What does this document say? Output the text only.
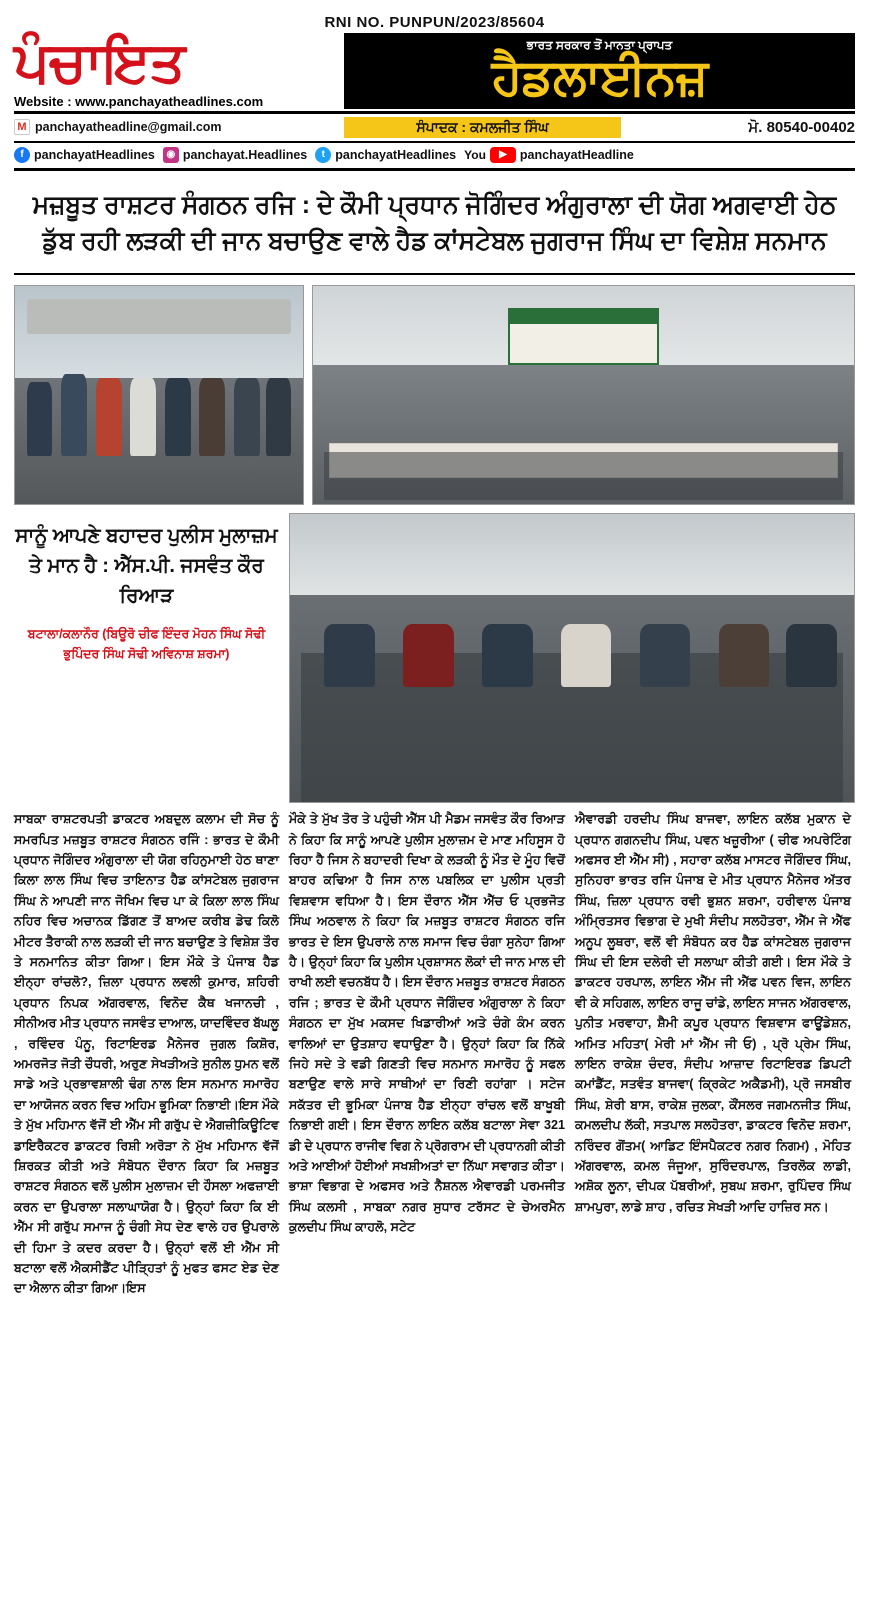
RNI NO. PUNPUN/2023/85604
ਪੰਚਾਇਤ
Website : www.panchayatheadlines.com
ਭਾਰਤ ਸਰਕਾਰ ਤੋਂ ਮਾਨਤਾ ਪ੍ਰਾਪਤ
ਹੈਡਲਾਈਨਜ਼
M panchayatheadline@gmail.com	ਸੰਪਾਦਕ : ਕਮਲਜੀਤ ਸਿੰਘ	ਮੋ. 80540-00402
f panchayatHeadlines	◉ panchayat.Headlines	t panchayatHeadlines You	▶	panchayatHeadline
ਮਜ਼ਬੂਤ ਰਾਸ਼ਟਰ ਸੰਗਠਨ ਰਜਿ : ਦੇ ਕੌਮੀ ਪ੍ਰਧਾਨ ਜੋਗਿੰਦਰ ਅੰਗੁਰਾਲਾ ਦੀ ਯੋਗ ਅਗਵਾਈ ਹੇਠ ਡੁੱਬ ਰਹੀ ਲੜਕੀ ਦੀ ਜਾਨ ਬਚਾਉਣ ਵਾਲੇ ਹੈਡ ਕਾਂਸਟੇਬਲ ਜੁਗਰਾਜ ਸਿੰਘ ਦਾ ਵਿਸ਼ੇਸ਼ ਸਨਮਾਨ
ਸਾਨੂੰ ਆਪਣੇ ਬਹਾਦਰ ਪੁਲੀਸ ਮੁਲਾਜ਼ਮ ਤੇ ਮਾਨ ਹੈ : ਐੱਸ.ਪੀ. ਜਸਵੰਤ ਕੌਰ ਰਿਆੜ
ਬਟਾਲਾ/ਕਲਾਨੌਰ (ਬਿਊਰੋ ਚੀਫ ਇੰਦਰ ਮੋਹਨ ਸਿੰਘ ਸੋਢੀ ਭੁਪਿੰਦਰ ਸਿੰਘ ਸੋਢੀ ਅਵਿਨਾਸ਼ ਸ਼ਰਮਾ)

ਸਾਬਕਾ ਰਾਸ਼ਟਰਪਤੀ ਡਾਕਟਰ ਅਬਦੁਲ ਕਲਾਮ ਦੀ ਸੋਚ ਨੂੰ ਸਮਰਪਿਤ ਮਜ਼ਬੂਤ ਰਾਸ਼ਟਰ ਸੰਗਠਨ ਰਜਿੰ : ਭਾਰਤ ਦੇ ਕੌਮੀ ਪ੍ਰਧਾਨ ਜੋਗਿੰਦਰ ਅੰਗੁਰਾਲਾ ਦੀ ਯੋਗ ਰਹਿਨੁਮਾਈ ਹੇਠ ਥਾਣਾ ਕਿਲਾ ਲਾਲ ਸਿੰਘ ਵਿਚ ਤਾਇਨਾਤ ਹੈਡ ਕਾਂਸਟੇਬਲ ਜੁਗਰਾਜ ਸਿੰਘ ਨੇ ਆਪਣੀ ਜਾਨ ਜੋਖਿਮ ਵਿਚ ਪਾ ਕੇ ਕਿਲਾ ਲਾਲ ਸਿੰਘ ਨਹਿਰ ਵਿਚ ਅਚਾਨਕ ਡਿੱਗਣ ਤੋਂ ਬਾਅਦ ਕਰੀਬ ਡੇਢ ਕਿਲੋ ਮੀਟਰ ਤੈਰਾਕੀ ਨਾਲ ਲੜਕੀ ਦੀ ਜਾਨ ਬਚਾਉਣ ਤੇ ਵਿਸ਼ੇਸ਼ ਤੌਰ ਤੇ ਸਨਮਾਨਿਤ ਕੀਤਾ ਗਿਆ। ਇਸ ਮੌਕੇ ਤੇ ਪੰਜਾਬ ਹੈਡ ਈਨ੍ਹਾ ਰਾਂਚਲੋ?, ਜ਼ਿਲਾ ਪ੍ਰਧਾਨ ਲਵਲੀ ਕੁਮਾਰ, ਸ਼ਹਿਰੀ ਪ੍ਰਧਾਨ ਨਿਪਕ ਅੱਗਰਵਾਲ, ਵਿਨੋਦ ਕੈਥ ਖਜਾਨਚੀ , ਸੀਨੀਅਰ ਮੀਤ ਪ੍ਰਧਾਨ ਜਸਵੰਤ ਦਾਆਲ, ਯਾਦਵਿੰਦਰ ਬੱਘਲੂ , ਰਵਿੰਦਰ ਪੰਨੂ, ਰਿਟਾਇਰਡ ਮੈਨੇਜਰ ਜੁਗਲ ਕਿਸ਼ੋਰ, ਅਮਰਜੋਤ ਜੋਤੀ ਚੌਧਰੀ, ਅਰੁਣ ਸੇਖੜੀਅਤੇ ਸੁਨੀਲ ਧੁਮਨ ਵਲੋਂ ਸਾਡੇ ਅਤੇ ਪ੍ਰਭਾਵਸ਼ਾਲੀ ਢੰਗ ਨਾਲ ਇਸ ਸਨਮਾਨ ਸਮਾਰੋਹ ਦਾ ਆਯੋਜਨ ਕਰਨ ਵਿਚ ਅਹਿਮ ਭੂਮਿਕਾ ਨਿਭਾਈ।ਇਸ ਮੌਕੇ ਤੇ ਮੁੱਖ ਮਹਿਮਾਨ ਵੱਜੋਂ ਈ ਐੱਮ ਸੀ ਗਰੁੱਪ ਦੇ ਐਗਜ਼ੀਕਿਊਟਿਵ ਡਾਇਰੈਕਟਰ ਡਾਕਟਰ ਰਿਸ਼ੀ ਅਰੋੜਾ ਨੇ ਮੁੱਖ ਮਹਿਮਾਨ ਵੱਜੋਂ ਸ਼ਿਰਕਤ ਕੀਤੀ ਅਤੇ ਸੰਬੋਧਨ ਦੌਰਾਨ ਕਿਹਾ ਕਿ ਮਜ਼ਬੂਤ ਰਾਸ਼ਟਰ ਸੰਗਠਨ ਵਲੋਂ ਪੁਲੀਸ ਮੁਲਾਜ਼ਮ ਦੀ ਹੌਸਲਾ ਅਫਜ਼ਾਈ ਕਰਨ ਦਾ ਉਪਰਾਲਾ ਸਲਾਘਾਯੋਗ ਹੈ। ਉਨ੍ਹਾਂ ਕਿਹਾ ਕਿ ਈ ਐੱਮ ਸੀ ਗਰੁੱਪ ਸਮਾਜ ਨੂੰ ਚੰਗੀ ਸੇਧ ਦੇਣ ਵਾਲੇ ਹਰ ਉਪਰਾਲੇ ਦੀ ਹਿਮਾ ਤੇ ਕਦਰ ਕਰਦਾ ਹੈ। ਉਨ੍ਹਾਂ ਵਲੋਂ ਈ ਐੱਮ ਸੀ ਬਟਾਲਾ ਵਲੋਂ ਐਕਸੀਡੈਂਟ ਪੀੜ੍ਹਿਤਾਂ ਨੂੰ ਮੁਫਤ ਫਸਟ ਏਡ ਦੇਣ ਦਾ ਐਲਾਨ ਕੀਤਾ ਗਿਆ।ਇਸ

ਮੌਕੇ ਤੇ ਮੁੱਖ ਤੋਰ ਤੇ ਪਹੁੰਚੀ ਐੱਸ ਪੀ ਮੈਡਮ ਜਸਵੰਤ ਕੌਰ ਰਿਆੜ ਨੇ ਕਿਹਾ ਕਿ ਸਾਨੂੰ ਆਪਣੇ ਪੁਲੀਸ ਮੁਲਾਜ਼ਮ ਦੇ ਮਾਣ ਮਹਿਸੂਸ ਹੋ ਰਿਹਾ ਹੈ ਜਿਸ ਨੇ ਬਹਾਦਰੀ ਦਿਖਾ ਕੇ ਲੜਕੀ ਨੂੰ ਮੌਤ ਦੇ ਮੂੰਹ ਵਿਚੋਂ ਬਾਹਰ ਕਢਿਆ ਹੈ ਜਿਸ ਨਾਲ ਪਬਲਿਕ ਦਾ ਪੁਲੀਸ ਪ੍ਰਤੀ ਵਿਸ਼ਵਾਸ ਵਧਿਆ ਹੈ। ਇਸ ਦੌਰਾਨ ਐੱਸ ਐੱਚ ਓ ਪ੍ਰਭਜੋਤ ਸਿੰਘ ਅਠਵਾਲ ਨੇ ਕਿਹਾ ਕਿ ਮਜ਼ਬੂਤ ਰਾਸ਼ਟਰ ਸੰਗਠਨ ਰਜਿ ਭਾਰਤ ਦੇ ਇਸ ਉਪਰਾਲੇ ਨਾਲ ਸਮਾਜ ਵਿਚ ਚੰਗਾ ਸੁਨੇਹਾ ਗਿਆ ਹੈ। ਉਨ੍ਹਾਂ ਕਿਹਾ ਕਿ ਪੁਲੀਸ ਪ੍ਰਸ਼ਾਸਨ ਲੋਕਾਂ ਦੀ ਜਾਨ ਮਾਲ ਦੀ ਰਾਖੀ ਲਈ ਵਚਨਬੱਧ ਹੈ। ਇਸ ਦੌਰਾਨ ਮਜ਼ਬੂਤ ਰਾਸ਼ਟਰ ਸੰਗਠਨ ਰਜਿ ; ਭਾਰਤ ਦੇ ਕੌਮੀ ਪ੍ਰਧਾਨ ਜੋਗਿੰਦਰ ਅੰਗੁਰਾਲਾ ਨੇ ਕਿਹਾ ਸੰਗਠਨ ਦਾ ਮੁੱਖ ਮਕਸਦ ਖਿਡਾਰੀਆਂ ਅਤੇ ਚੰਗੇ ਕੰਮ ਕਰਨ ਵਾਲਿਆਂ ਦਾ ਉਤਸ਼ਾਹ ਵਧਾਉਣਾ ਹੈ। ਉਨ੍ਹਾਂ ਕਿਹਾ ਕਿ ਨਿੱਕੇ ਜਿਹੇ ਸਦੇ ਤੇ ਵਡੀ ਗਿਣਤੀ ਵਿਚ ਸਨਮਾਨ ਸਮਾਰੋਹ ਨੂੰ ਸਫਲ ਬਣਾਉਣ ਵਾਲੇ ਸਾਰੇ ਸਾਥੀਆਂ ਦਾ ਰਿਣੀ ਰਹਾਂਗਾ । ਸਟੇਜ ਸਕੱਤਰ ਦੀ ਭੂਮਿਕਾ ਪੰਜਾਬ ਹੈਡ ਈਨ੍ਹਾ ਰਾਂਚਲ ਵਲੋਂ ਬਾਖੂਬੀ ਨਿਭਾਈ ਗਈ। ਇਸ ਦੌਰਾਨ ਲਾਇਨ ਕਲੱਬ ਬਟਾਲਾ ਸੇਵਾ 321 ਡੀ ਦੇ ਪ੍ਰਧਾਨ ਰਾਜੀਵ ਵਿਗ ਨੇ ਪ੍ਰੋਗਰਾਮ ਦੀ ਪ੍ਰਧਾਨਗੀ ਕੀਤੀ ਅਤੇ ਆਈਆਂ ਹੋਈਆਂ ਸਖਸ਼ੀਅਤਾਂ ਦਾ ਨਿੱਘਾ ਸਵਾਗਤ ਕੀਤਾ।ਭਾਸ਼ਾ ਵਿਭਾਗ ਦੇ ਅਫਸਰ ਅਤੇ ਨੈਸ਼ਨਲ ਐਵਾਰਡੀ ਪਰਮਜੀਤ ਸਿੰਘ ਕਲਸੀ , ਸਾਬਕਾ ਨਗਰ ਸੁਧਾਰ ਟਰੱਸਟ ਦੇ ਚੇਅਰਮੈਨ ਕੁਲਦੀਪ ਸਿੰਘ ਕਾਹਲੋ, ਸਟੇਟ

ਐਵਾਰਡੀ ਹਰਦੀਪ ਸਿੰਘ ਬਾਜਵਾ, ਲਾਇਨ ਕਲੱਬ ਮੁਕਾਨ ਦੇ ਪ੍ਰਧਾਨ ਗਗਨਦੀਪ ਸਿੰਘ, ਪਵਨ ਖਜ਼ੂਰੀਆ ( ਚੀਫ ਅਪਰੇਟਿੰਗ ਅਫਸਰ ਈ ਐੱਮ ਸੀ) , ਸਹਾਰਾ ਕਲੱਬ ਮਾਸਟਰ ਜੋਗਿੰਦਰ ਸਿੰਘ, ਸੁਨਿਹਰਾ ਭਾਰਤ ਰਜਿ ਪੰਜਾਬ ਦੇ ਮੀਤ ਪ੍ਰਧਾਨ ਮੈਨੇਜਰ ਅੱਤਰ ਸਿੰਘ, ਜ਼ਿਲਾ ਪ੍ਰਧਾਨ ਰਵੀ ਭੁਸ਼ਨ ਸ਼ਰਮਾ, ਹਰੀਵਾਲ ਪੰਜਾਬ ਅੰਮ੍ਰਿਤਸਰ ਵਿਭਾਗ ਦੇ ਮੁਖੀ ਸੰਦੀਪ ਸਲਹੋਤਰਾ, ਐੱਮ ਜੇ ਐੱਫ ਅਨੂਪ ਲੂਥਰਾ, ਵਲੋਂ ਵੀ ਸੰਬੋਧਨ ਕਰ ਹੈਡ ਕਾਂਸਟੇਬਲ ਜੁਗਰਾਜ ਸਿੰਘ ਦੀ ਇਸ ਦਲੇਰੀ ਦੀ ਸਲਾਘਾ ਕੀਤੀ ਗਈ। ਇਸ ਮੌਕੇ ਤੇ ਡਾਕਟਰ ਹਰਪਾਲ, ਲਾਇਨ ਐੱਮ ਜੀ ਐੱਫ ਪਵਨ ਵਿਜ, ਲਾਇਨ ਵੀ ਕੇ ਸਹਿਗਲ, ਲਾਇਨ ਰਾਜੂ ਚਾਂਡੇ, ਲਾਇਨ ਸਾਜਨ ਅੱਗਰਵਾਲ, ਪੁਨੀਤ ਮਰਵਾਹਾ, ਸ਼ੈਮੀ ਕਪੂਰ ਪ੍ਰਧਾਨ ਵਿਸ਼ਵਾਸ ਫਾਊਂਡੇਸ਼ਨ, ਅਮਿਤ ਮਹਿਤਾ( ਮੇਰੀ ਮਾਂ ਐੱਮ ਜੀ ਓ) , ਪ੍ਰੋ ਪ੍ਰੇਮ ਸਿੰਘ, ਲਾਇਨ ਰਾਕੇਸ਼ ਚੰਦਰ, ਸੰਦੀਪ ਆਜ਼ਾਦ ਰਿਟਾਇਰਡ ਡਿਪਟੀ ਕਮਾਂਡੈਂਟ, ਸਤਵੰਤ ਬਾਜਵਾ( ਕ੍ਰਿਕੇਟ ਅਕੈਡਮੀ), ਪ੍ਰੋ ਜਸਬੀਰ ਸਿੰਘ, ਸ਼ੇਰੀ ਬਾਸ, ਰਾਕੇਸ਼ ਜੁਲਕਾ, ਕੌਂਸਲਰ ਜਗਮਨਜੀਤ ਸਿੰਘ, ਕਮਲਦੀਪ ਲੱਕੀ, ਸਤਪਾਲ ਸਲਹੋਤਰਾ, ਡਾਕਟਰ ਵਿਨੋਦ ਸ਼ਰਮਾ, ਨਰਿੰਦਰ ਗੋਂਤਮ( ਆਡਿਟ ਇੰਸਪੈਕਟਰ ਨਗਰ ਨਿਗਮ) , ਮੋਹਿਤ ਅੱਗਰਵਾਲ, ਕਮਲ ਜੰਜੂਆ, ਸੁਰਿੰਦਰਪਾਲ, ਤਿਰਲੋਕ ਲਾਡੀ, ਅਸ਼ੋਕ ਲੂਨਾ, ਦੀਪਕ ਪੱਬਰੀਆਂ, ਸੁਬਘ ਸ਼ਰਮਾ, ਰੁਪਿੰਦਰ ਸਿੰਘ ਸ਼ਾਮਪੁਰਾ, ਲਾਡੇ ਸ਼ਾਹ , ਰਚਿਤ ਸੇਖੜੀ ਆਦਿ ਹਾਜ਼ਿਰ ਸਨ।
